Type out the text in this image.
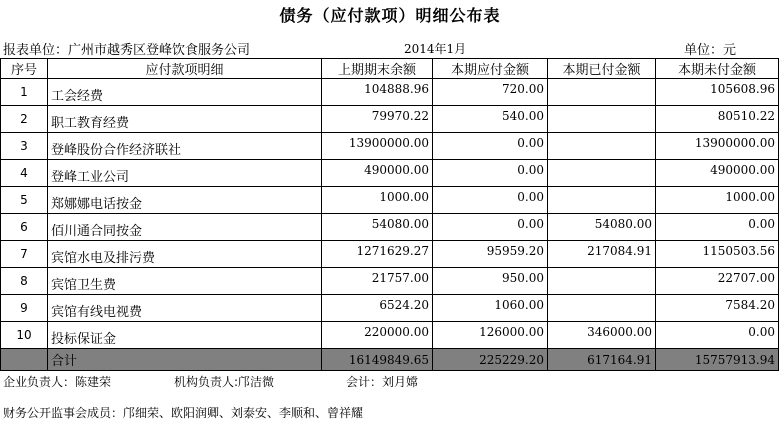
债务（应付款项）明细公布表
报表单位：广州市越秀区登峰饮食服务公司	2014年1月	单位：元
序号	应付款项明细	上期期末余额	本期应付金额	本期已付金额	本期未付金额
1	工会经费	104888.96	720.00		105608.96
2	职工教育经费	79970.22	540.00		80510.22
3	登峰股份合作经济联社	13900000.00	0.00		13900000.00
4	登峰工业公司	490000.00	0.00		490000.00
5	郑娜娜电话按金	1000.00	0.00		1000.00
6	佰川通合同按金	54080.00	0.00	54080.00	0.00
7	宾馆水电及排污费	1271629.27	95959.20	217084.91	1150503.56
8	宾馆卫生费	21757.00	950.00		22707.00
9	宾馆有线电视费	6524.20	1060.00		7584.20
10	投标保证金	220000.00	126000.00	346000.00	0.00
	合计	16149849.65	225229.20	617164.91	15757913.94
企业负责人：陈建荣	机构负责人:邝洁微	会计：刘月嫦
财务公开监事会成员：邝细荣、欧阳润卿、刘泰安、李顺和、曾祥耀
